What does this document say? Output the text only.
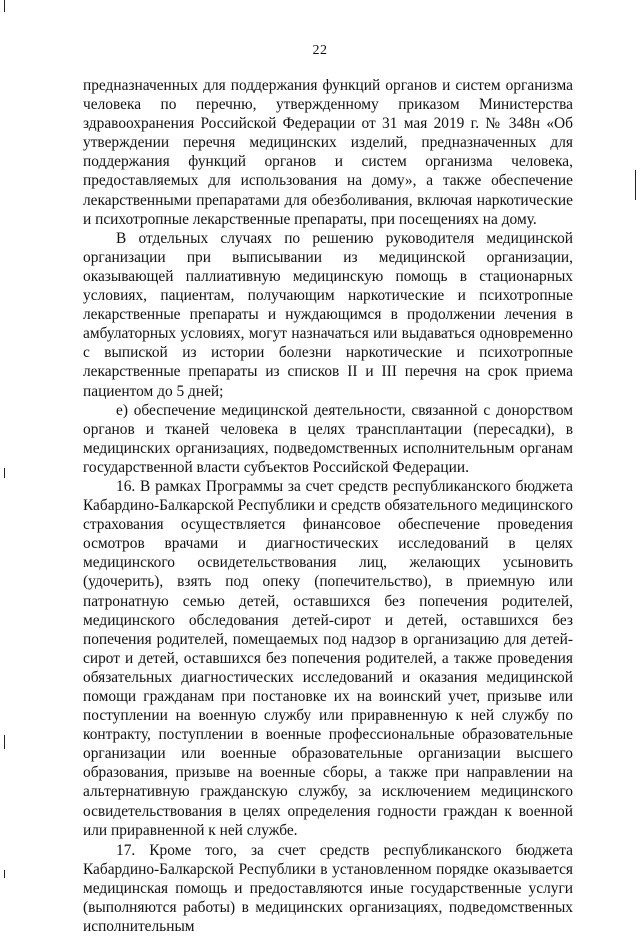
22

предназначенных для поддержания функций органов и систем организма человека по перечню, утвержденному приказом Министерства здравоохранения Российской Федерации от 31 мая 2019 г. № 348н «Об утверждении перечня медицинских изделий, предназначенных для поддержания функций органов и систем организма человека, предоставляемых для использования на дому», а также обеспечение лекарственными препаратами для обезболивания, включая наркотические и психотропные лекарственные препараты, при посещениях на дому.

В отдельных случаях по решению руководителя медицинской организации при выписывании из медицинской организации, оказывающей паллиативную медицинскую помощь в стационарных условиях, пациентам, получающим наркотические и психотропные лекарственные препараты и нуждающимся в продолжении лечения в амбулаторных условиях, могут назначаться или выдаваться одновременно с выпиской из истории болезни наркотические и психотропные лекарственные препараты из списков II и III перечня на срок приема пациентом до 5 дней;

е) обеспечение медицинской деятельности, связанной с донорством органов и тканей человека в целях трансплантации (пересадки), в медицинских организациях, подведомственных исполнительным органам государственной власти субъектов Российской Федерации.

16. В рамках Программы за счет средств республиканского бюджета Кабардино-Балкарской Республики и средств обязательного медицинского страхования осуществляется финансовое обеспечение проведения осмотров врачами и диагностических исследований в целях медицинского освидетельствования лиц, желающих усыновить (удочерить), взять под опеку (попечительство), в приемную или патронатную семью детей, оставшихся без попечения родителей, медицинского обследования детей-сирот и детей, оставшихся без попечения родителей, помещаемых под надзор в организацию для детей-сирот и детей, оставшихся без попечения родителей, а также проведения обязательных диагностических исследований и оказания медицинской помощи гражданам при постановке их на воинский учет, призыве или поступлении на военную службу или приравненную к ней службу по контракту, поступлении в военные профессиональные образовательные организации или военные образовательные организации высшего образования, призыве на военные сборы, а также при направлении на альтернативную гражданскую службу, за исключением медицинского освидетельствования в целях определения годности граждан к военной или приравненной к ней службе.

17. Кроме того, за счет средств республиканского бюджета Кабардино-Балкарской Республики в установленном порядке оказывается медицинская помощь и предоставляются иные государственные услуги (выполняются работы) в медицинских организациях, подведомственных исполнительным
